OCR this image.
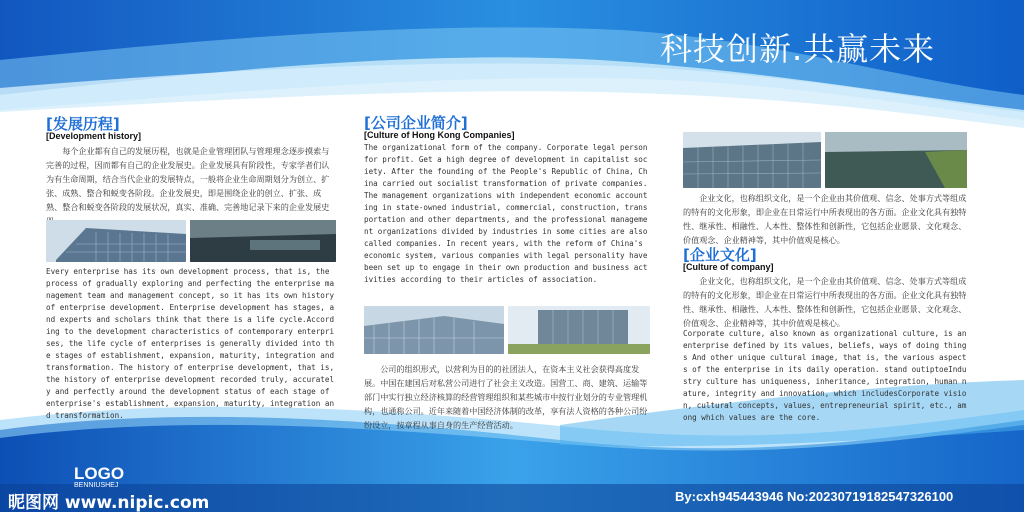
科技创新.共赢未来
[发展历程]
[Development history]

每个企业都有自己的发展历程，也就是企业管理团队与管理理念逐步摸索与完善的过程，因而都有自己的企业发展史。企业发展具有阶段性，专家学者们认为有生命周期，结合当代企业的发展特点，一般将企业生命周期划分为创立、扩张、成熟、整合和蜕变各阶段。企业发展史，即是围绕企业的创立、扩张、成熟、整合和蜕变各阶段的发展状况，真实、准确、完善地记录下来的企业发展史

Every enterprise has its own development process, that is, the process of gradually exploring and perfecting the enterprise management team and management concept, so it has its own history of enterprise development. Enterprise development has stages, and experts and scholars think that there is a life cycle.According to the development characteristics of contemporary enterprises, the life cycle of enterprises is generally divided into the stages of establishment, expansion, maturity, integration and transformation. The history of enterprise development, that is, the history of enterprise development recorded truly, accurately and perfectly around the development status of each stage of enterprise's establishment, expansion, maturity, integration and transformation.

[公司企业简介]
[Culture of Hong Kong Companies]

The organizational form of the company. Corporate legal person for profit. Get a high degree of development in capitalist society. After the founding of the People's Republic of China, China carried out socialist transformation of private companies. The management organizations with independent economic accounting in state-owned industrial, commercial, construction, transportation and other departments, and the professional management organizations divided by industries in some cities are also called companies. In recent years, with the reform of China's economic system, various companies with legal personality have been set up to engage in their own production and business activities according to their articles of association.

公司的组织形式，以营利为目的的社团法人，在资本主义社会获得高度发展。中国在建国后对私营公司进行了社会主义改造。国营工、商、建筑、运输等部门中实行独立经济核算的经营管理组织和某些城市中按行业划分的专业管理机构，也通称公司。近年来随着中国经济体制的改革，享有法人资格的各种公司纷纷设立，按章程从事自身的生产经营活动。

企业文化，也称组织文化，是一个企业由其价值观、信念、处事方式等组成的特有的文化形象，即企业在日常运行中所表现出的各方面。企业文化具有独特性、继承性、相融性、人本性、整体性和创新性，它包括企业愿景、文化观念、价值观念、企业精神等，其中价值观是核心。

[企业文化]
[Culture of company]

企业文化，也称组织文化，是一个企业由其价值观、信念、处事方式等组成的特有的文化形象，即企业在日常运行中所表现出的各方面。企业文化具有独特性、继承性、相融性、人本性、整体性和创新性，它包括企业愿景、文化观念、价值观念、企业精神等，其中价值观是核心。

Corporate culture, also known as organizational culture, is an enterprise defined by its values, beliefs, ways of doing things And other unique cultural image, that is, the various aspects of the enterprise in its daily operation. stand outiptoeIndustry culture has uniqueness, inheritance, integration, human nature, integrity and innovation, which includesCorporate vision, cultural concepts, values, entrepreneurial spirit, etc., among which values are the core.

LOGO
BENNIUSHEJ
昵图网 www.nipic.com	By:cxh945443946 No:20230719182547326100
